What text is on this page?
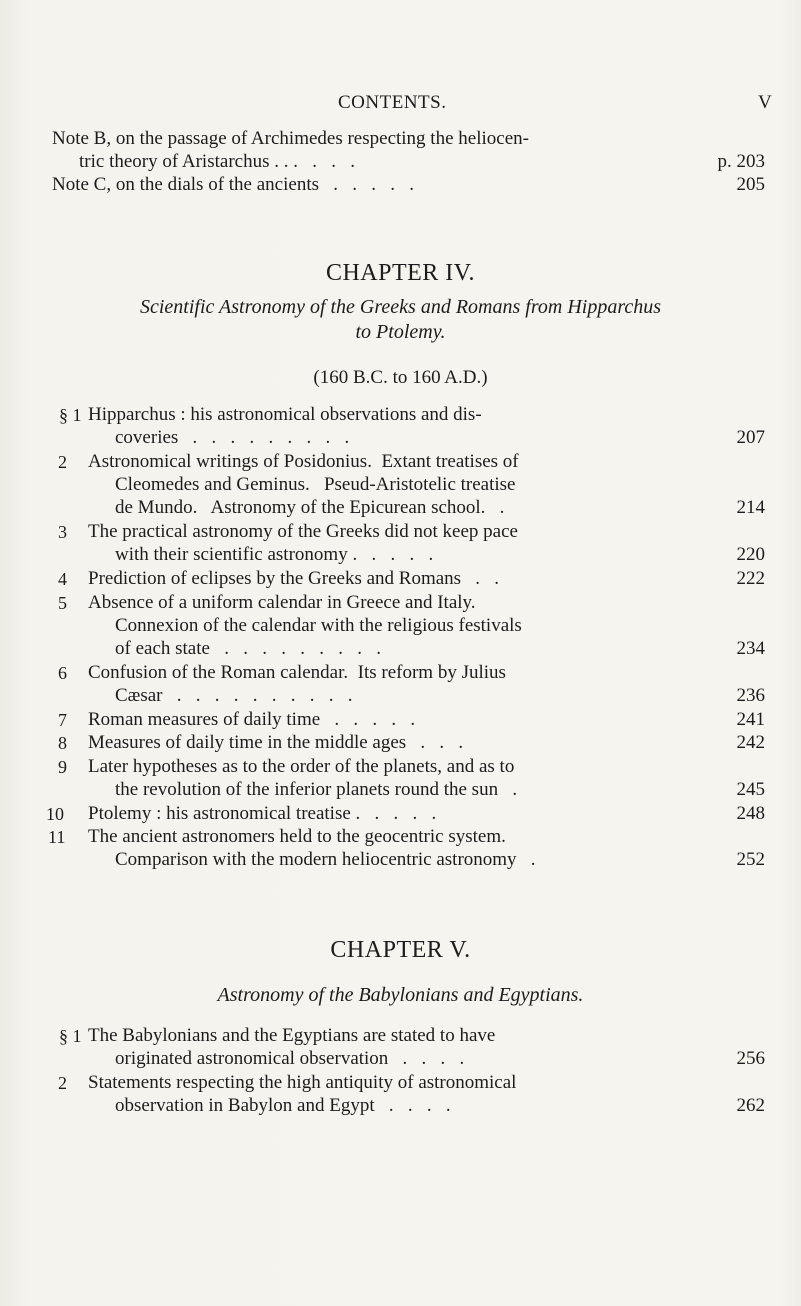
CONTENTS.	V
Note B, on the passage of Archimedes respecting the heliocen-
tric theory of Aristarchus . . .   .   .   .	p. 203
Note C, on the dials of the ancients   .   .   .   .   .	205
CHAPTER IV.
Scientific Astronomy of the Greeks and Romans from Hipparchus
to Ptolemy.
(160 B.C. to 160 A.D.)
§ 1 Hipparchus : his astronomical observations and dis-
coveries   .   .   .   .   .   .   .   .   .	207
2 Astronomical writings of Posidonius.  Extant treatises of
Cleomedes and Geminus.   Pseud-Aristotelic treatise
de Mundo.   Astronomy of the Epicurean school.   .	214
3 The practical astronomy of the Greeks did not keep pace
with their scientific astronomy .   .   .   .   .	220
4 Prediction of eclipses by the Greeks and Romans   .   .	222
5 Absence of a uniform calendar in Greece and Italy.
Connexion of the calendar with the religious festivals
of each state   .   .   .   .   .   .   .   .   .	234
6 Confusion of the Roman calendar.  Its reform by Julius
Cæsar   .   .   .   .   .   .   .   .   .   .	236
7 Roman measures of daily time   .   .   .   .   .	241
8 Measures of daily time in the middle ages   .   .   .	242
9 Later hypotheses as to the order of the planets, and as to
the revolution of the inferior planets round the sun   .	245
10 Ptolemy : his astronomical treatise .   .   .   .   .	248
11 The ancient astronomers held to the geocentric system.
Comparison with the modern heliocentric astronomy   .	252
CHAPTER V.
Astronomy of the Babylonians and Egyptians.
§ 1 The Babylonians and the Egyptians are stated to have
originated astronomical observation   .   .   .   .	256
2 Statements respecting the high antiquity of astronomical
observation in Babylon and Egypt   .   .   .   .	262
